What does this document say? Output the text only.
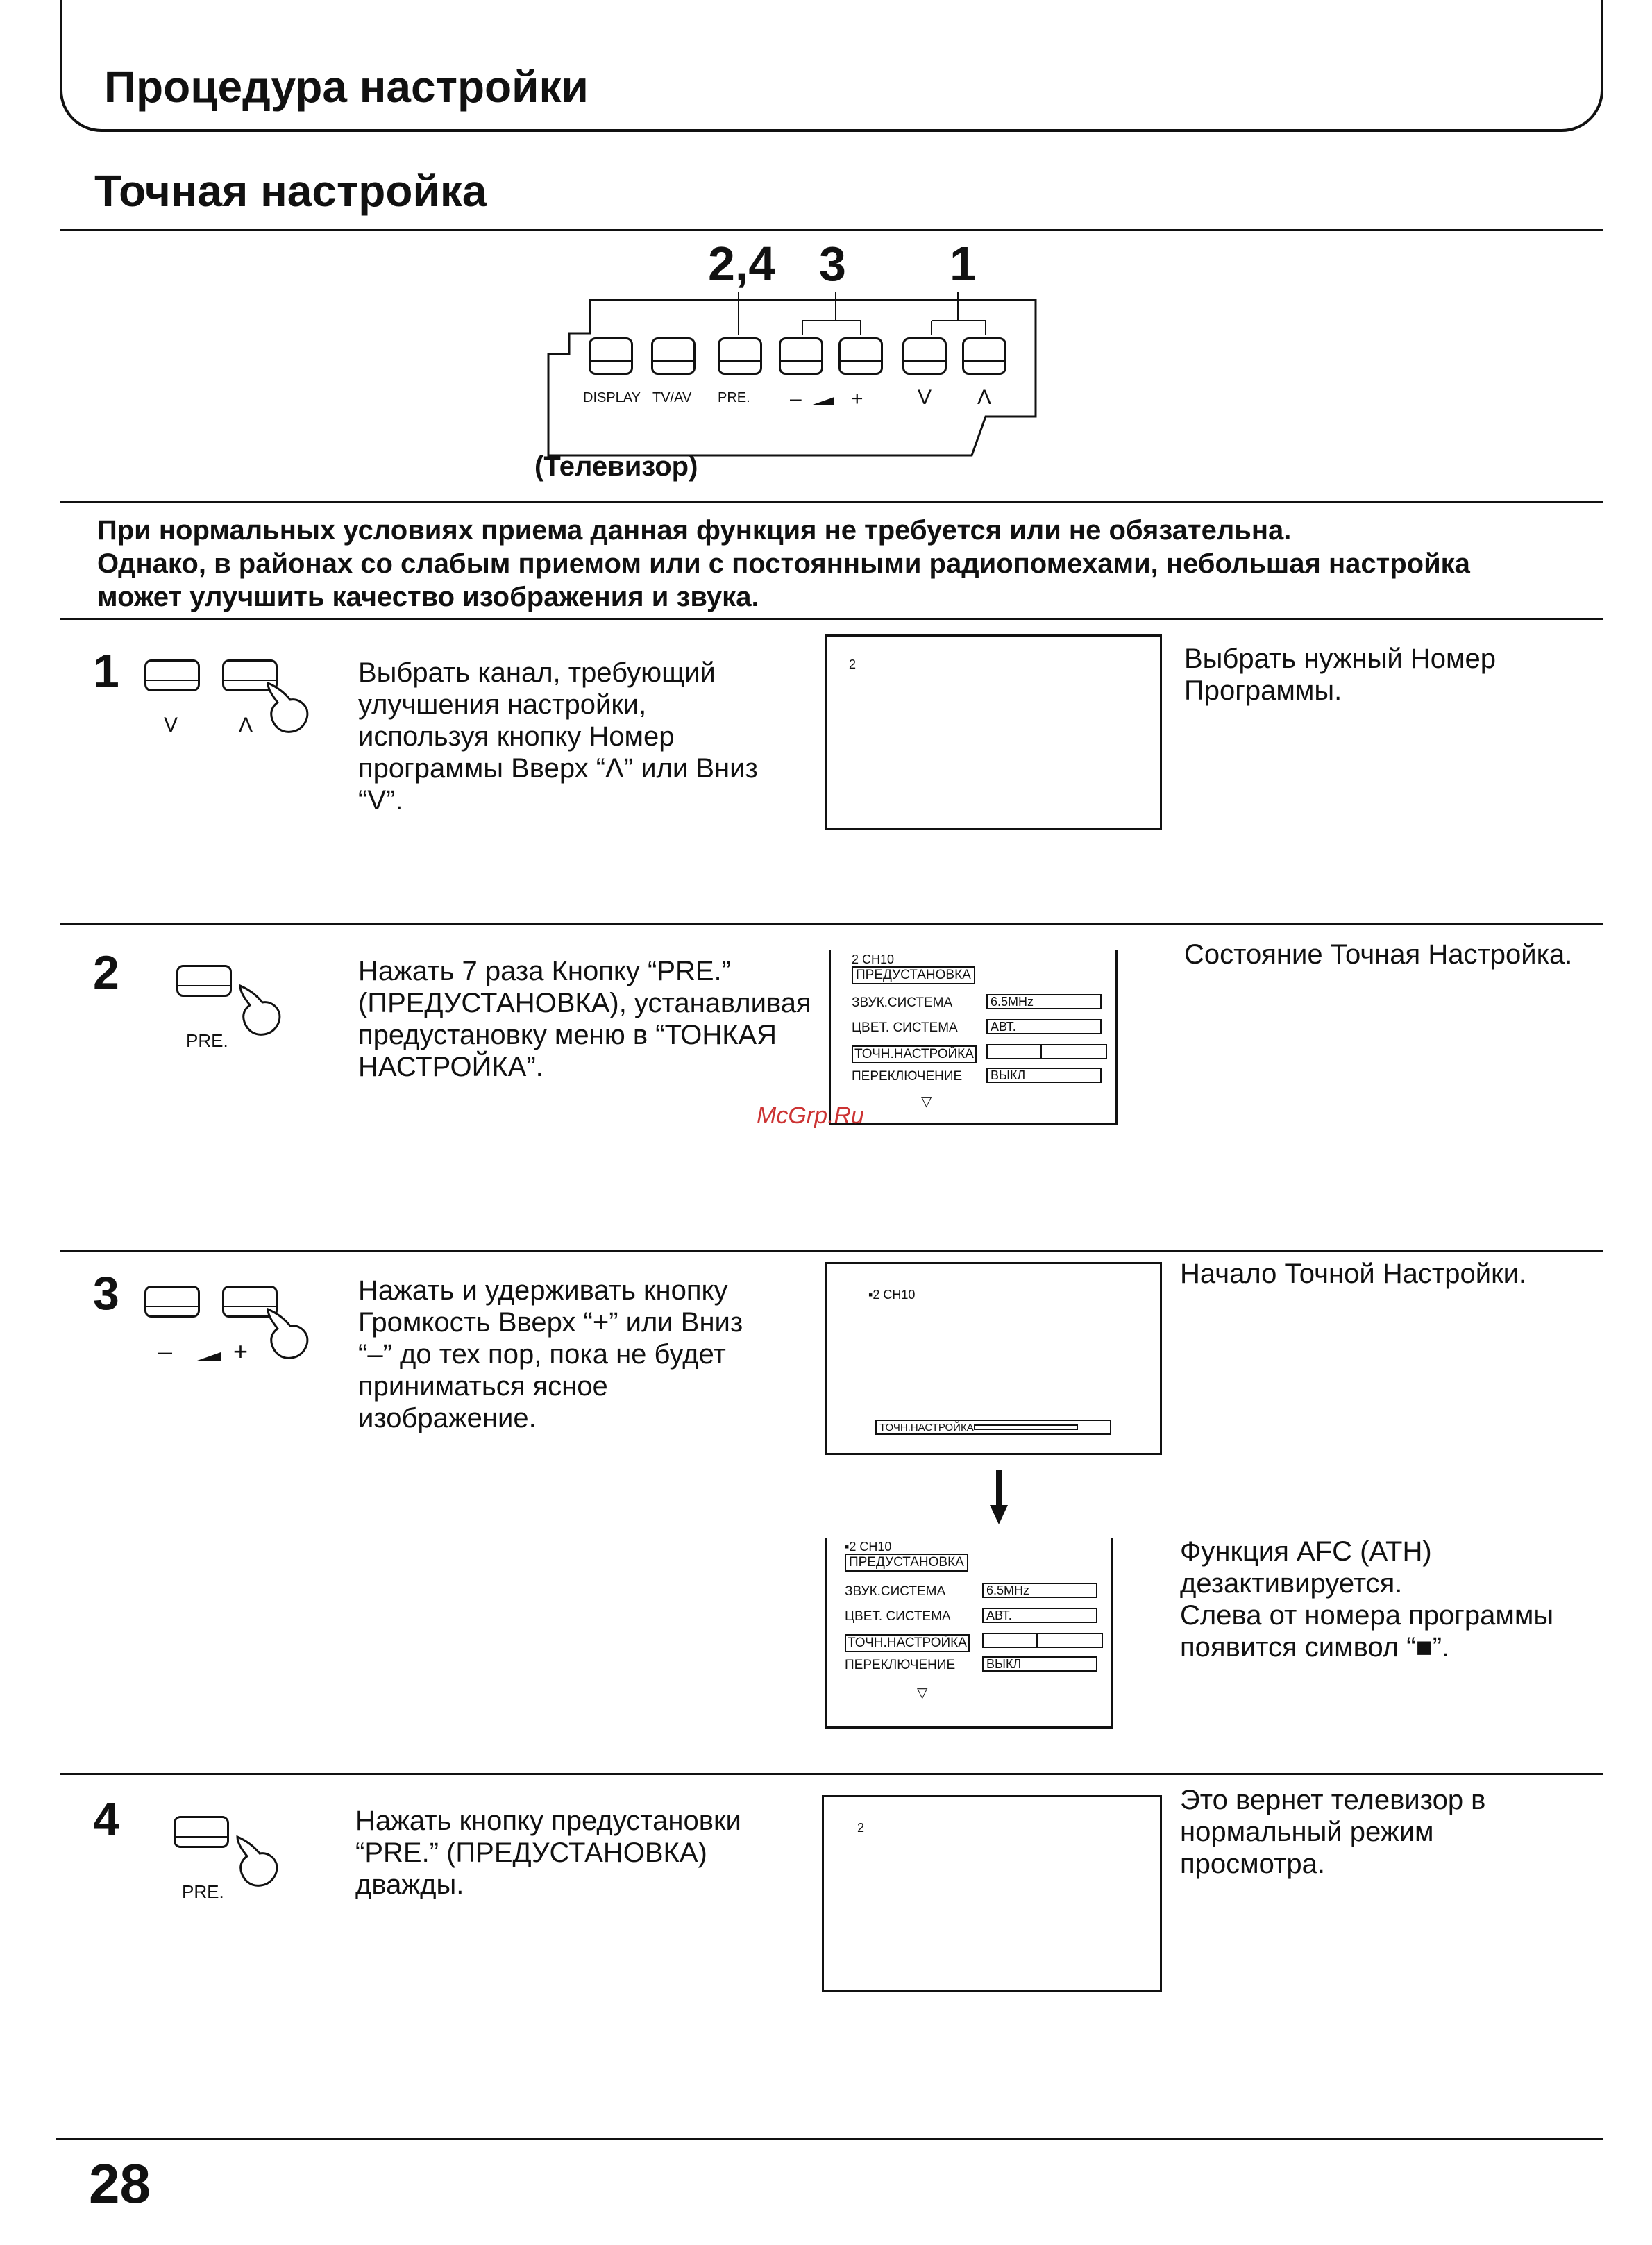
Процедура настройки
Точная настройка
2,4 3 1
DISPLAY TV/AV PRE. – +	V Λ
(Телевизор)
При нормальных условиях приема данная функция не требуется или не обязательна.
Однако, в районах со слабым приемом или с постоянными радиопомехами, небольшая настройка
может улучшить качество изображения и звука.
1
V	Λ
Выбрать канал, требующий
улучшения настройки,
используя кнопку Номер
программы Вверх “Λ” или Вниз
“V”.
2	Выбрать нужный Номер
Программы.
2
PRE.
Нажать 7 раза Кнопку “PRE.”
(ПРЕДУСТАНОВКА), устанавливая
предустановку меню в “ТОНКАЯ
НАСТРОЙКА”.
2 CH10
ПРЕДУСТАНОВКА
ЗВУК.СИСТЕМА	6.5MHz
ЦВЕТ. СИСТЕМА	АВТ.
ТОЧН.НАСТРОЙКА
ПЕРЕКЛЮЧЕНИЕ	ВЫКЛ
▽
Состояние Точная Настройка.
McGrp.Ru
3
– +
Нажать и удерживать кнопку
Громкость Вверх “+” или Вниз
“–” до тех пор, пока не будет
приниматься ясное
изображение.
▪2 CH10
ТОЧН.НАСТРОЙКА
Начало Точной Настройки.
▪2 CH10
ПРЕДУСТАНОВКА
ЗВУК.СИСТЕМА	6.5MHz
ЦВЕТ. СИСТЕМА	АВТ.
ТОЧН.НАСТРОЙКА
ПЕРЕКЛЮЧЕНИЕ	ВЫКЛ
▽
Функция AFC (АТН)
дезактивируется.
Слева от номера программы
появится символ “■”.
4
PRE.
Нажать кнопку предустановки
“PRE.” (ПРЕДУСТАНОВКА)
дважды.
2
Это вернет телевизор в
нормальный режим
просмотра.
28
